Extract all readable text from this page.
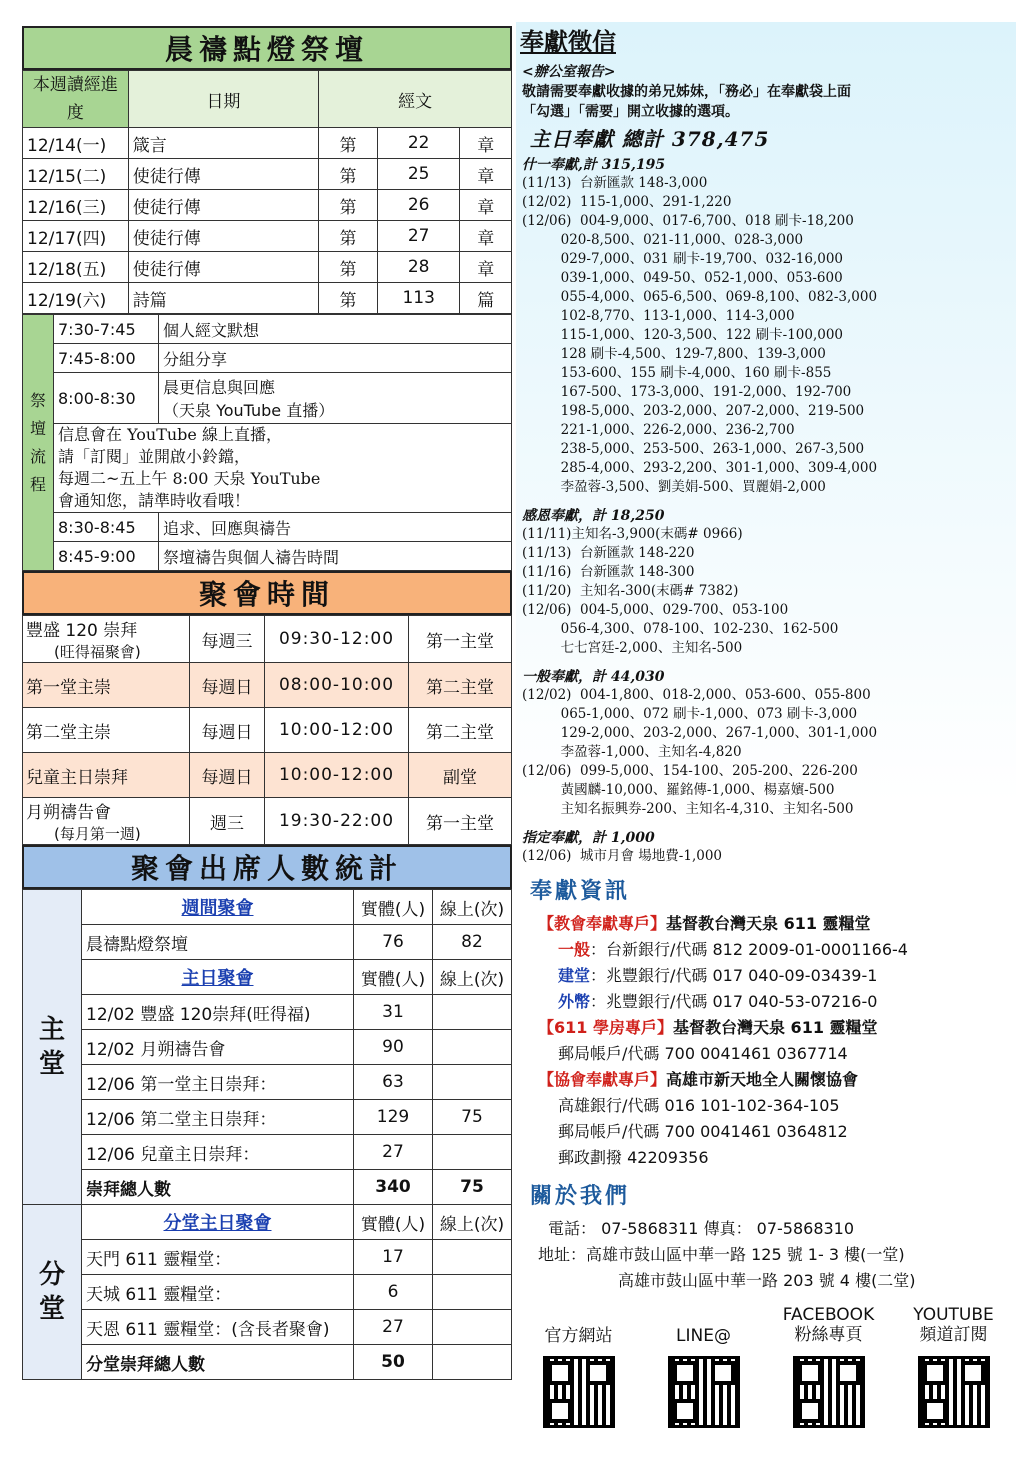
晨禱點燈祭壇
本週讀經進度	日期	經文		
12/14(一)	箴言	第	22	章
12/15(二)	使徒行傳	第	25	章
12/16(三)	使徒行傳	第	26	章
12/17(四)	使徒行傳	第	27	章
12/18(五)	使徒行傳	第	28	章
12/19(六)	詩篇	第	113	篇
祭壇流程	7:30-7:45	個人經文默想
	7:45-8:00	分組分享
	8:00-8:30	晨更信息與回應
（天泉 YouTube 直播）

	信息會在 YouTube 線上直播，
請「訂閱」並開啟小鈴鐺，
每週二~五上午 8:00 天泉 YouTube
會通知您，請準時收看哦！	

	8:30-8:45	追求、回應與禱告
	8:45-9:00	祭壇禱告與個人禱告時間
聚會時間
豐盛 120 崇拜
(旺得福聚會)	每週三	09:30-12:00	第一主堂

第一堂主崇	每週日	08:00-10:00	第二主堂

第二堂主崇	每週日	10:00-12:00	第二主堂

兒童主日崇拜	每週日	10:00-12:00	副堂

月朔禱告會
(每月第一週)	週三	19:30-22:00	第一主堂
聚會出席人數統計
主堂	週間聚會	實體(人)	線上(次)
	晨禱點燈祭壇	76	82
	主日聚會	實體(人)	線上(次)
	12/02 豐盛 120崇拜(旺得福)	31	
	12/02 月朔禱告會	90	
	12/06 第一堂主日崇拜：	63	
	12/06 第二堂主日崇拜：	129	75
	12/06 兒童主日崇拜：	27	
	崇拜總人數	340	75
分堂	分堂主日聚會	實體(人)	線上(次)
	天門 611 靈糧堂：	17	
	天城 611 靈糧堂：	6	
	天恩 611 靈糧堂：(含長者聚會)	27	
	分堂崇拜總人數	50	
奉獻徵信
<辦公室報告>
敬請需要奉獻收據的弟兄姊妹，「務必」在奉獻袋上面
「勾選」「需要」開立收據的選項。
主日奉獻 總計 378,475
什一奉獻,計 315,195
(11/13)  台新匯款 148-3,000
(12/02)  115-1,000、291-1,220
(12/06)  004-9,000、017-6,700、018 刷卡-18,200
020-8,500、021-11,000、028-3,000
029-7,000、031 刷卡-19,700、032-16,000
039-1,000、049-50、052-1,000、053-600
055-4,000、065-6,500、069-8,100、082-3,000
102-8,770、113-1,000、114-3,000
115-1,000、120-3,500、122 刷卡-100,000
128 刷卡-4,500、129-7,800、139-3,000
153-600、155 刷卡-4,000、160 刷卡-855
167-500、173-3,000、191-2,000、192-700
198-5,000、203-2,000、207-2,000、219-500
221-1,000、226-2,000、236-2,700
238-5,000、253-500、263-1,000、267-3,500
285-4,000、293-2,200、301-1,000、309-4,000
李盈蓉-3,500、劉美娟-500、買麗娟-2,000
感恩奉獻，計 18,250
(11/11)主知名-3,900(末碼# 0966)
(11/13)  台新匯款 148-220
(11/16)  台新匯款 148-300
(11/20)  主知名-300(末碼# 7382)
(12/06)  004-5,000、029-700、053-100
056-4,300、078-100、102-230、162-500
七七宮廷-2,000、主知名-500
一般奉獻，計 44,030
(12/02)  004-1,800、018-2,000、053-600、055-800
065-1,000、072 刷卡-1,000、073 刷卡-3,000
129-2,000、203-2,000、267-1,000、301-1,000
李盈蓉-1,000、主知名-4,820
(12/06)  099-5,000、154-100、205-200、226-200
黃國麟-10,000、羅銘傳-1,000、楊嘉嬪-500
主知名振興券-200、主知名-4,310、主知名-500
指定奉獻，計 1,000
(12/06)  城市月會 場地費-1,000
奉獻資訊
【教會奉獻專戶】基督教台灣天泉 611 靈糧堂
一般：台新銀行/代碼 812 2009-01-0001166-4
建堂：兆豐銀行/代碼 017 040-09-03439-1
外幣：兆豐銀行/代碼 017 040-53-07216-0
【611 學房專戶】基督教台灣天泉 611 靈糧堂
郵局帳戶/代碼 700 0041461 0367714
【協會奉獻專戶】高雄市新天地全人關懷協會
高雄銀行/代碼 016 101-102-364-105
郵局帳戶/代碼 700 0041461 0364812
郵政劃撥 42209356
關於我們
電話： 07-5868311 傳真： 07-5868310
地址：高雄市鼓山區中華一路 125 號 1- 3 樓(一堂)
高雄市鼓山區中華一路 203 號 4 樓(二堂)
官方網站	LINE@
FACEBOOK
粉絲專頁
YOUTUBE
頻道訂閱
